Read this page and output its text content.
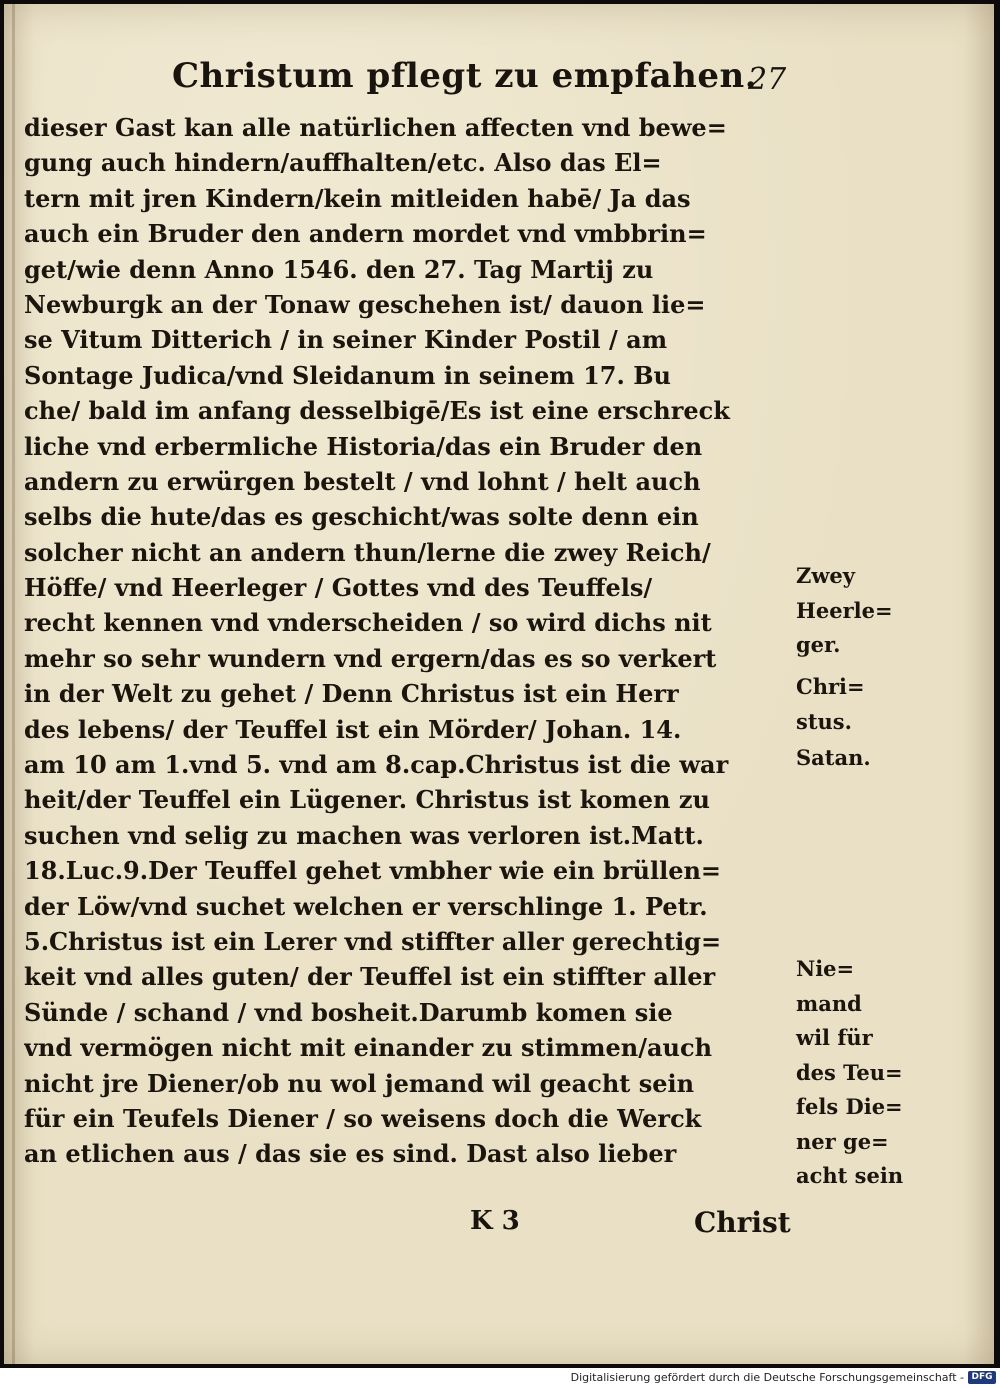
Christum pflegt zu empfahen.
27
dieser Gast kan alle natürlichen affecten vnd bewe=
gung auch hindern/auffhalten/etc. Also das El=
tern mit jren Kindern/kein mitleiden habē/ Ja das
auch ein Bruder den andern mordet vnd vmbbrin=
get/wie denn Anno 1546. den 27. Tag Martij zu
Newburgk an der Tonaw geschehen ist/ dauon lie=
se Vitum Ditterich / in seiner Kinder Postil / am
Sontage Judica/vnd Sleidanum in seinem 17. Bu
che/ bald im anfang desselbigē/Es ist eine erschreck
liche vnd erbermliche Historia/das ein Bruder den
andern zu erwürgen bestelt / vnd lohnt / helt auch
selbs die hute/das es geschicht/was solte denn ein
solcher nicht an andern thun/lerne die zwey Reich/
Höffe/ vnd Heerleger / Gottes vnd des Teuffels/
recht kennen vnd vnderscheiden / so wird dichs nit
mehr so sehr wundern vnd ergern/das es so verkert
in der Welt zu gehet / Denn Christus ist ein Herr
des lebens/ der Teuffel ist ein Mörder/ Johan. 14.
am 10 am 1.vnd 5. vnd am 8.cap.Christus ist die war
heit/der Teuffel ein Lügener. Christus ist komen zu
suchen vnd selig zu machen was verloren ist.Matt.
18.Luc.9.Der Teuffel gehet vmbher wie ein brüllen=
der Löw/vnd suchet welchen er verschlinge 1. Petr.
5.Christus ist ein Lerer vnd stiffter aller gerechtig=
keit vnd alles guten/ der Teuffel ist ein stiffter aller
Sünde / schand / vnd bosheit.Darumb komen sie
vnd vermögen nicht mit einander zu stimmen/auch
nicht jre Diener/ob nu wol jemand wil geacht sein
für ein Teufels Diener / so weisens doch die Werck
an etlichen aus / das sie es sind. Dast also lieber
Zwey
Heerle=
ger.
Chri=
stus.
Satan.
Nie=
mand
wil für
des Teu=
fels Die=
ner ge=
acht sein
K 3	Christ
Digitalisierung gefördert durch die Deutsche Forschungsgemeinschaft - DFG
